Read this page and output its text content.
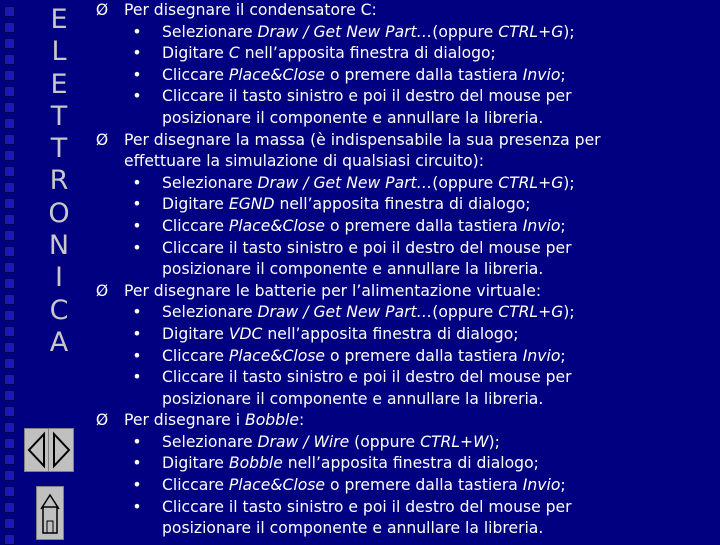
E
L
E
T
T
R
O
N
I
C
A
Ø Per disegnare il condensatore C:
• Selezionare Draw / Get New Part…(oppure CTRL+G);
• Digitare C nell’apposita finestra di dialogo;
• Cliccare Place&Close o premere dalla tastiera Invio;
• Cliccare il tasto sinistro e poi il destro del mouse per
posizionare il componente e annullare la libreria.
Ø Per disegnare la massa (è indispensabile la sua presenza per
effettuare la simulazione di qualsiasi circuito):
• Selezionare Draw / Get New Part…(oppure CTRL+G);
• Digitare EGND nell’apposita finestra di dialogo;
• Cliccare Place&Close o premere dalla tastiera Invio;
• Cliccare il tasto sinistro e poi il destro del mouse per
posizionare il componente e annullare la libreria.
Ø Per disegnare le batterie per l’alimentazione virtuale:
• Selezionare Draw / Get New Part…(oppure CTRL+G);
• Digitare VDC nell’apposita finestra di dialogo;
• Cliccare Place&Close o premere dalla tastiera Invio;
• Cliccare il tasto sinistro e poi il destro del mouse per
posizionare il componente e annullare la libreria.
Ø Per disegnare i Bobble:
• Selezionare Draw / Wire (oppure CTRL+W);
• Digitare Bobble nell’apposita finestra di dialogo;
• Cliccare Place&Close o premere dalla tastiera Invio;
• Cliccare il tasto sinistro e poi il destro del mouse per
posizionare il componente e annullare la libreria.
